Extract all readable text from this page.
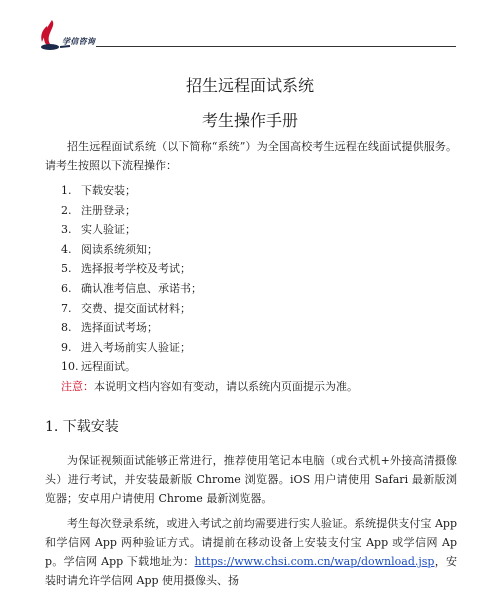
学信咨询
招生远程面试系统
考生操作手册

招生远程面试系统（以下简称“系统”）为全国高校考生远程在线面试提供服务。请考生按照以下流程操作：

1. 下载安装；
2. 注册登录；
3. 实人验证；
4. 阅读系统须知；
5. 选择报考学校及考试；
6. 确认准考信息、承诺书；
7. 交费、提交面试材料；
8. 选择面试考场；
9. 进入考场前实人验证；
10. 远程面试。
注意：本说明文档内容如有变动，请以系统内页面提示为准。
1. 下载安装

为保证视频面试能够正常进行，推荐使用笔记本电脑（或台式机+外接高清摄像头）进行考试，并安装最新版 Chrome 浏览器。iOS 用户请使用 Safari 最新版浏览器；安卓用户请使用 Chrome 最新浏览器。

考生每次登录系统，或进入考试之前均需要进行实人验证。系统提供支付宝 App 和学信网 App 两种验证方式。请提前在移动设备上安装支付宝 App 或学信网 App。学信网 App 下载地址为：https://www.chsi.com.cn/wap/download.jsp，安装时请允许学信网 App 使用摄像头、扬
